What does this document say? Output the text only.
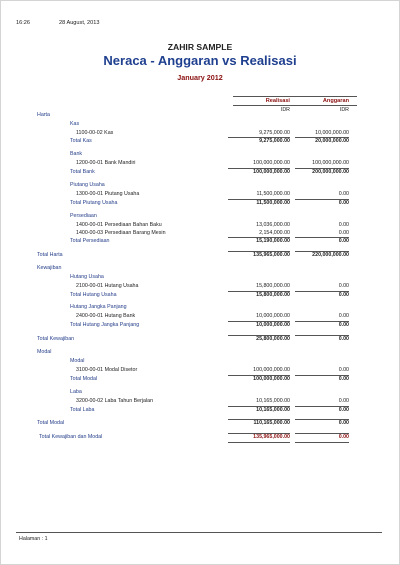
16:26	28 August, 2013
ZAHIR SAMPLE
Neraca - Anggaran vs Realisasi
January 2012
Realisasi	Anggaran
IDR	IDR
Harta
Kas
1100-00-02 Kas	9,275,000.00	10,000,000.00
Total Kas	9,275,000.00	20,000,000.00
Bank
1200-00-01 Bank Mandiri	100,000,000.00	100,000,000.00
Total Bank	100,000,000.00	200,000,000.00
Piutang Usaha
1300-00-01 Piutang Usaha	11,500,000.00	0.00
Total Piutang Usaha	11,500,000.00	0.00
Persediaan
1400-00-01 Persediaan Bahan Baku	13,036,000.00	0.00
1400-00-03 Persediaan Barang Mesin	2,154,000.00	0.00
Total Persediaan	15,190,000.00	0.00
Total Harta	135,965,000.00	220,000,000.00
Kewajiban
Hutang Usaha
2100-00-01 Hutang Usaha	15,800,000.00	0.00
Total Hutang Usaha	15,800,000.00	0.00
Hutang Jangka Panjang
2400-00-01 Hutang Bank	10,000,000.00	0.00
Total Hutang Jangka Panjang	10,000,000.00	0.00
Total Kewajiban	25,800,000.00	0.00
Modal
Modal
3100-00-01 Modal Disetor	100,000,000.00	0.00
Total Modal	100,000,000.00	0.00
Laba
3200-00-02 Laba Tahun Berjalan	10,165,000.00	0.00
Total Laba	10,165,000.00	0.00
Total Modal	110,165,000.00	0.00
Total Kewajiban dan Modal	135,965,000.00	0.00
Halaman : 1
